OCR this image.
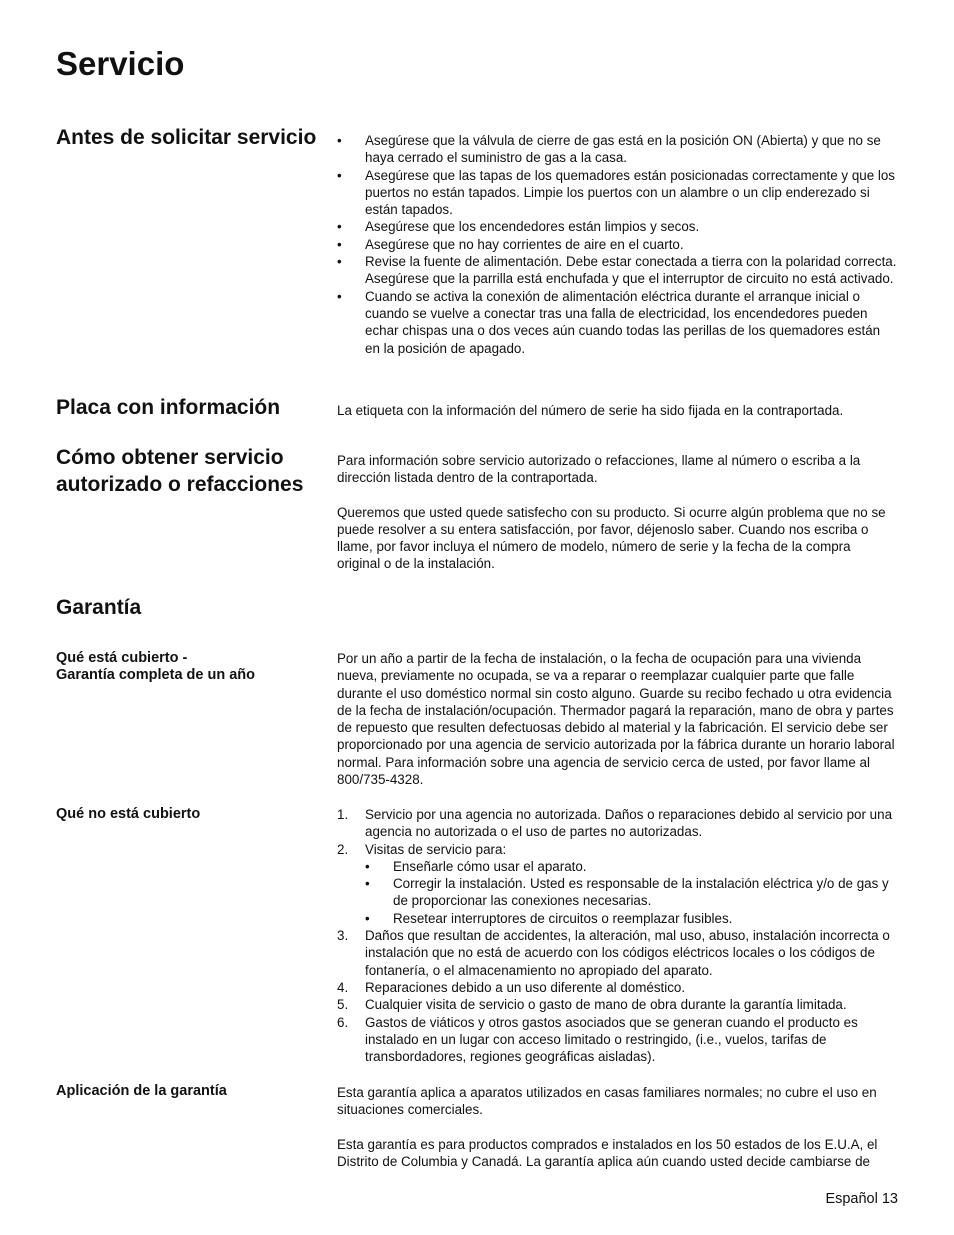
Servicio
Antes de solicitar servicio	•	Asegúrese que la válvula de cierre de gas está en la posición ON (Abierta) y que no se haya cerrado el suministro de gas a la casa.
•	Asegúrese que las tapas de los quemadores están posicionadas correctamente y que los puertos no están tapados. Limpie los puertos con un alambre o un clip enderezado si están tapados.
•	Asegúrese que los encendedores están limpios y secos.
•	Asegúrese que no hay corrientes de aire en el cuarto.
•	Revise la fuente de alimentación. Debe estar conectada a tierra con la polaridad correcta. Asegúrese que la parrilla está enchufada y que el interruptor de circuito no está activado.
•	Cuando se activa la conexión de alimentación eléctrica durante el arranque inicial o cuando se vuelve a conectar tras una falla de electricidad, los encendedores pueden echar chispas una o dos veces aún cuando todas las perillas de los quemadores están en la posición de apagado.
Placa con información	La etiqueta con la información del número de serie ha sido fijada en la contraportada.

Cómo obtener servicio autorizado o refacciones

Para información sobre servicio autorizado o refacciones, llame al número o escriba a la dirección listada dentro de la contraportada.

Queremos que usted quede satisfecho con su producto. Si ocurre algún problema que no se puede resolver a su entera satisfacción, por favor, déjenoslo saber. Cuando nos escriba o llame, por favor incluya el número de modelo, número de serie y la fecha de la compra original o de la instalación.

Garantía
Qué está cubierto -
Garantía completa de un año

Por un año a partir de la fecha de instalación, o la fecha de ocupación para una vivienda nueva, previamente no ocupada, se va a reparar o reemplazar cualquier parte que falle durante el uso doméstico normal sin costo alguno. Guarde su recibo fechado u otra evidencia de la fecha de instalación/ocupación. Thermador pagará la reparación, mano de obra y partes de repuesto que resulten defectuosas debido al material y la fabricación. El servicio debe ser proporcionado por una agencia de servicio autorizada por la fábrica durante un horario laboral normal. Para información sobre una agencia de servicio cerca de usted, por favor llame al 800/735-4328.

Qué no está cubierto	1.	Servicio por una agencia no autorizada. Daños o reparaciones debido al servicio por una agencia no autorizada o el uso de partes no autorizadas.
2.	Visitas de servicio para:
•	Enseñarle cómo usar el aparato.
•	Corregir la instalación. Usted es responsable de la instalación eléctrica y/o de gas y de proporcionar las conexiones necesarias.
•	Resetear interruptores de circuitos o reemplazar fusibles.
3.	Daños que resultan de accidentes, la alteración, mal uso, abuso, instalación incorrecta o instalación que no está de acuerdo con los códigos eléctricos locales o los códigos de fontanería, o el almacenamiento no apropiado del aparato.
4.	Reparaciones debido a un uso diferente al doméstico.
5.	Cualquier visita de servicio o gasto de mano de obra durante la garantía limitada.
6.	Gastos de viáticos y otros gastos asociados que se generan cuando el producto es instalado en un lugar con acceso limitado o restringido, (i.e., vuelos, tarifas de transbordadores, regiones geográficas aisladas).
Aplicación de la garantía	Esta garantía aplica a aparatos utilizados en casas familiares normales; no cubre el uso en situaciones comerciales.

Esta garantía es para productos comprados e instalados en los 50 estados de los E.U.A, el Distrito de Columbia y Canadá. La garantía aplica aún cuando usted decide cambiarse de

Español 13
